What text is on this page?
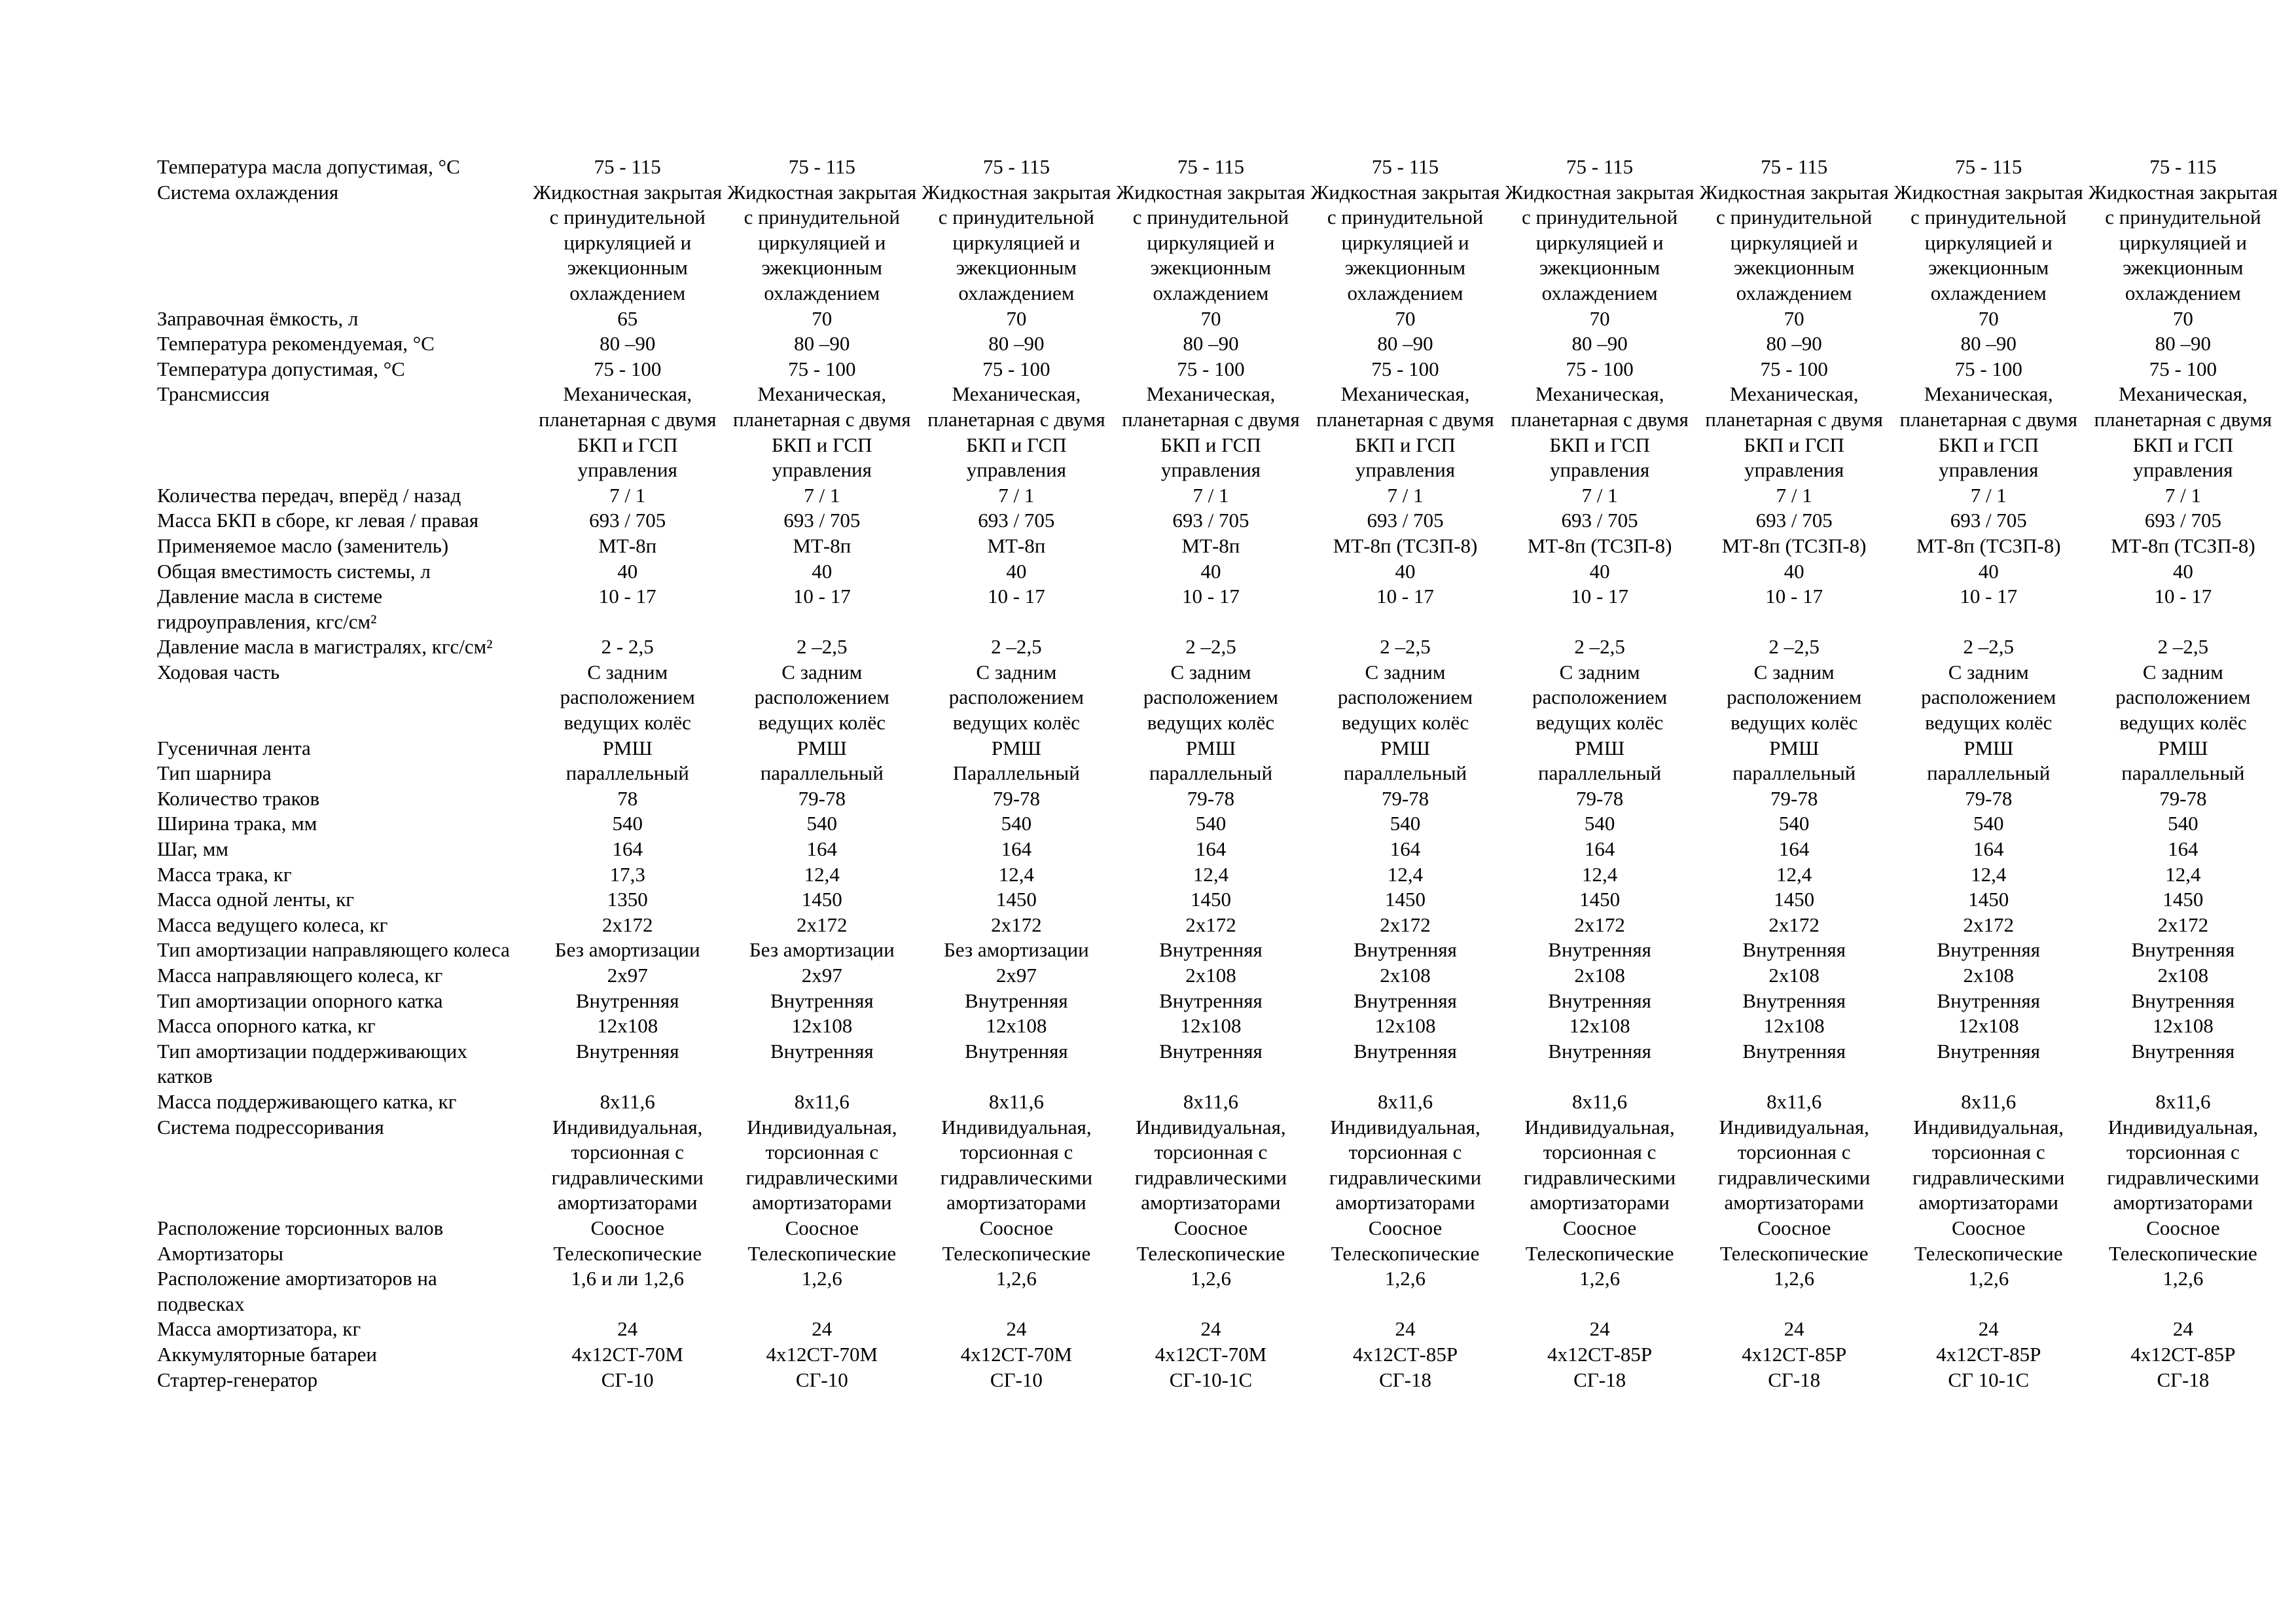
Температура масла допустимая, °С	75 - 115	75 - 115	75 - 115	75 - 115	75 - 115	75 - 115	75 - 115	75 - 115	75 - 115
Система охлаждения	Жидкостная закрытая с принудительной циркуляцией и эжекционным охлаждением	Жидкостная закрытая с принудительной циркуляцией и эжекционным охлаждением	Жидкостная закрытая с принудительной циркуляцией и эжекционным охлаждением	Жидкостная закрытая с принудительной циркуляцией и эжекционным охлаждением	Жидкостная закрытая с принудительной циркуляцией и эжекционным охлаждением	Жидкостная закрытая с принудительной циркуляцией и эжекционным охлаждением	Жидкостная закрытая с принудительной циркуляцией и эжекционным охлаждением	Жидкостная закрытая с принудительной циркуляцией и эжекционным охлаждением	Жидкостная закрытая с принудительной циркуляцией и эжекционным охлаждением
Заправочная ёмкость, л	65	70	70	70	70	70	70	70	70
Температура рекомендуемая, °С	80 –90	80 –90	80 –90	80 –90	80 –90	80 –90	80 –90	80 –90	80 –90
Температура допустимая, °С	75 - 100	75 - 100	75 - 100	75 - 100	75 - 100	75 - 100	75 - 100	75 - 100	75 - 100
Трансмиссия	Механическая, планетарная с двумя БКП и ГСП управления	Механическая, планетарная с двумя БКП и ГСП управления	Механическая, планетарная с двумя БКП и ГСП управления	Механическая, планетарная с двумя БКП и ГСП управления	Механическая, планетарная с двумя БКП и ГСП управления	Механическая, планетарная с двумя БКП и ГСП управления	Механическая, планетарная с двумя БКП и ГСП управления	Механическая, планетарная с двумя БКП и ГСП управления	Механическая, планетарная с двумя БКП и ГСП управления
Количества передач, вперёд / назад	7 / 1	7 / 1	7 / 1	7 / 1	7 / 1	7 / 1	7 / 1	7 / 1	7 / 1
Масса БКП в сборе, кг левая / правая	693 / 705	693 / 705	693 / 705	693 / 705	693 / 705	693 / 705	693 / 705	693 / 705	693 / 705
Применяемое масло (заменитель)	МТ-8п	МТ-8п	МТ-8п	МТ-8п	МТ-8п (ТСЗП-8)	МТ-8п (ТСЗП-8)	МТ-8п (ТСЗП-8)	МТ-8п (ТСЗП-8)	МТ-8п (ТСЗП-8)
Общая вместимость системы, л	40	40	40	40	40	40	40	40	40
Давление масла в системе гидроуправления, кгс/см²	10 - 17	10 - 17	10 - 17	10 - 17	10 - 17	10 - 17	10 - 17	10 - 17	10 - 17
Давление масла в магистралях, кгс/см²	2 - 2,5	2 –2,5	2 –2,5	2 –2,5	2 –2,5	2 –2,5	2 –2,5	2 –2,5	2 –2,5
Ходовая часть	С задним расположением ведущих колёс	С задним расположением ведущих колёс	С задним расположением ведущих колёс	С задним расположением ведущих колёс	С задним расположением ведущих колёс	С задним расположением ведущих колёс	С задним расположением ведущих колёс	С задним расположением ведущих колёс	С задним расположением ведущих колёс
Гусеничная лента	РМШ	РМШ	РМШ	РМШ	РМШ	РМШ	РМШ	РМШ	РМШ
Тип шарнира	параллельный	параллельный	Параллельный	параллельный	параллельный	параллельный	параллельный	параллельный	параллельный
Количество траков	78	79-78	79-78	79-78	79-78	79-78	79-78	79-78	79-78
Ширина трака, мм	540	540	540	540	540	540	540	540	540
Шаг, мм	164	164	164	164	164	164	164	164	164
Масса трака, кг	17,3	12,4	12,4	12,4	12,4	12,4	12,4	12,4	12,4
Масса одной ленты, кг	1350	1450	1450	1450	1450	1450	1450	1450	1450
Масса ведущего колеса, кг	2х172	2х172	2х172	2х172	2х172	2х172	2х172	2х172	2х172
Тип амортизации направляющего колеса	Без амортизации	Без амортизации	Без амортизации	Внутренняя	Внутренняя	Внутренняя	Внутренняя	Внутренняя	Внутренняя
Масса направляющего колеса, кг	2х97	2х97	2х97	2х108	2х108	2х108	2х108	2х108	2х108
Тип амортизации опорного катка	Внутренняя	Внутренняя	Внутренняя	Внутренняя	Внутренняя	Внутренняя	Внутренняя	Внутренняя	Внутренняя
Масса опорного катка, кг	12х108	12х108	12х108	12х108	12х108	12х108	12х108	12х108	12х108
Тип амортизации поддерживающих катков	Внутренняя	Внутренняя	Внутренняя	Внутренняя	Внутренняя	Внутренняя	Внутренняя	Внутренняя	Внутренняя
Масса поддерживающего катка, кг	8х11,6	8х11,6	8х11,6	8х11,6	8х11,6	8х11,6	8х11,6	8х11,6	8х11,6
Система подрессоривания	Индивидуальная, торсионная с гидравлическими амортизаторами	Индивидуальная, торсионная с гидравлическими амортизаторами	Индивидуальная, торсионная с гидравлическими амортизаторами	Индивидуальная, торсионная с гидравлическими амортизаторами	Индивидуальная, торсионная с гидравлическими амортизаторами	Индивидуальная, торсионная с гидравлическими амортизаторами	Индивидуальная, торсионная с гидравлическими амортизаторами	Индивидуальная, торсионная с гидравлическими амортизаторами	Индивидуальная, торсионная с гидравлическими амортизаторами
Расположение торсионных валов	Соосное	Соосное	Соосное	Соосное	Соосное	Соосное	Соосное	Соосное	Соосное
Амортизаторы	Телескопические	Телескопические	Телескопические	Телескопические	Телескопические	Телескопические	Телескопические	Телескопические	Телескопические
Расположение амортизаторов на подвесках	1,6 и ли 1,2,6	1,2,6	1,2,6	1,2,6	1,2,6	1,2,6	1,2,6	1,2,6	1,2,6
Масса амортизатора, кг	24	24	24	24	24	24	24	24	24
Аккумуляторные батареи	4х12СТ-70М	4х12СТ-70М	4х12СТ-70М	4х12СТ-70М	4х12СТ-85Р	4х12СТ-85Р	4х12СТ-85Р	4х12СТ-85Р	4х12СТ-85Р
Стартер-генератор	СГ-10	СГ-10	СГ-10	СГ-10-1С	СГ-18	СГ-18	СГ-18	СГ 10-1С	СГ-18
